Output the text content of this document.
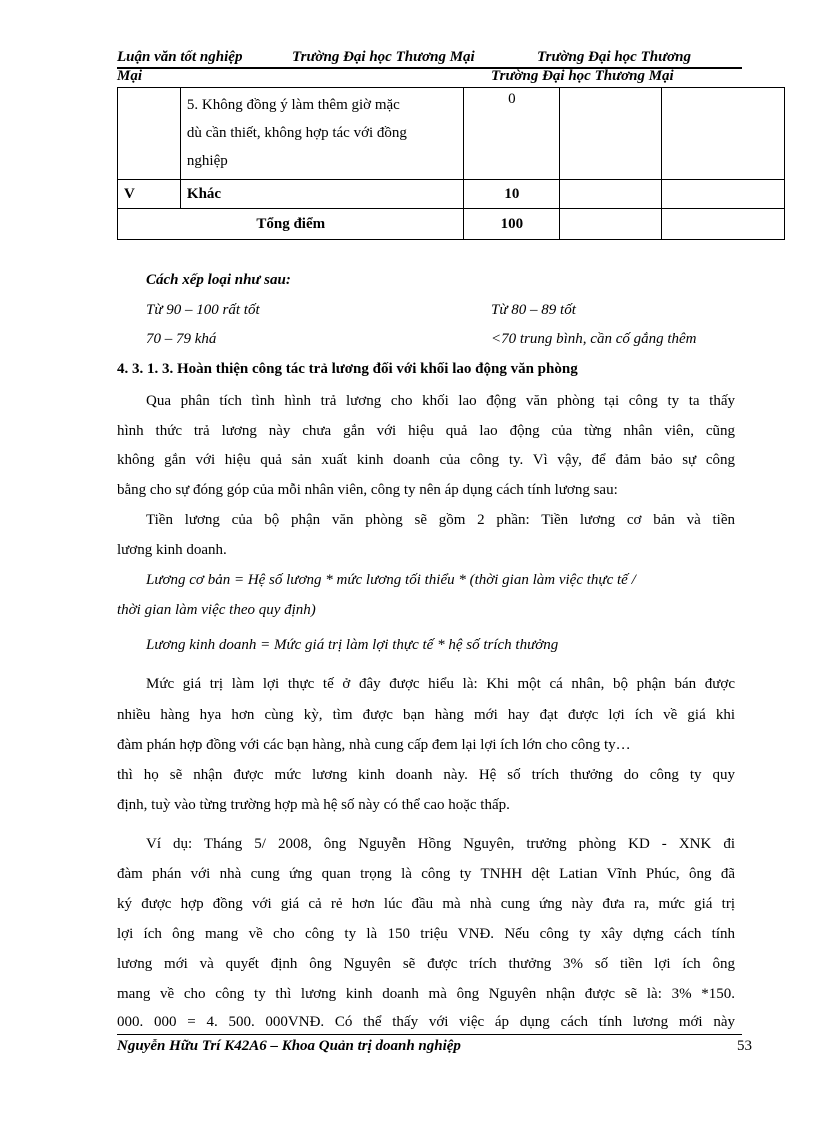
Luận văn tốt nghiệp	Trường Đại học Thương Mại	Trường Đại học Thương
Mại	Trường Đại học Thương Mại

	5. Không đồng ý làm thêm giờ mặc
dù cần thiết, không hợp tác với đồng
nghiệp	0		
V	Khác	10		
Tổng điểm		100		
Cách xếp loại như sau:
Từ 90 – 100 rất tốt	Từ 80 – 89 tốt
70 – 79 khá	<70 trung bình, cần cố gắng thêm
4. 3. 1. 3. Hoàn thiện công tác trả lương đối với khối lao động văn phòng
Qua phân tích tình hình trả lương cho khối lao động văn phòng tại công ty ta thấy
hình thức trả lương này chưa gắn với hiệu quả lao động của từng nhân viên, cũng
không gắn với hiệu quả sản xuất kinh doanh của công ty. Vì vậy, để đảm bảo sự công
bằng cho sự đóng góp của mỗi nhân viên, công ty nên áp dụng cách tính lương sau:
Tiền lương của bộ phận văn phòng sẽ gồm 2 phần: Tiền lương cơ bản và tiền
lương kinh doanh.
Lương cơ bản = Hệ số lương * mức lương tối thiểu * (thời gian làm việc thực tế /
thời gian làm việc theo quy định)
Lương kinh doanh = Mức giá trị làm lợi thực tế * hệ số trích thưởng
Mức giá trị làm lợi thực tế ở đây được hiểu là: Khi một cá nhân, bộ phận bán được
nhiều hàng hya hơn cùng kỳ, tìm được bạn hàng mới hay đạt được lợi ích về giá khi
đàm phán hợp đồng với các bạn hàng, nhà cung cấp đem lại lợi ích lớn cho công ty…
thì họ sẽ nhận được mức lương kinh doanh này. Hệ số trích thưởng do công ty quy
định, tuỳ vào từng trường hợp mà hệ số này có thể cao hoặc thấp.
Ví dụ: Tháng 5/ 2008, ông Nguyễn Hồng Nguyên, trưởng phòng KD - XNK đi
đàm phán với nhà cung ứng quan trọng là công ty TNHH dệt Latian Vĩnh Phúc, ông đã
ký được hợp đồng với giá cả rẻ hơn lúc đầu mà nhà cung ứng này đưa ra, mức giá trị
lợi ích ông mang về cho công ty là 150 triệu VNĐ. Nếu công ty xây dựng cách tính
lương mới và quyết định ông Nguyên sẽ được trích thưởng 3% số tiền lợi ích ông
mang về cho công ty thì lương kinh doanh mà ông Nguyên nhận được sẽ là: 3% *150.
000. 000 = 4. 500. 000VNĐ. Có thể thấy với việc áp dụng cách tính lương mới này
Nguyễn Hữu Trí K42A6 – Khoa Quản trị doanh nghiệp	53
